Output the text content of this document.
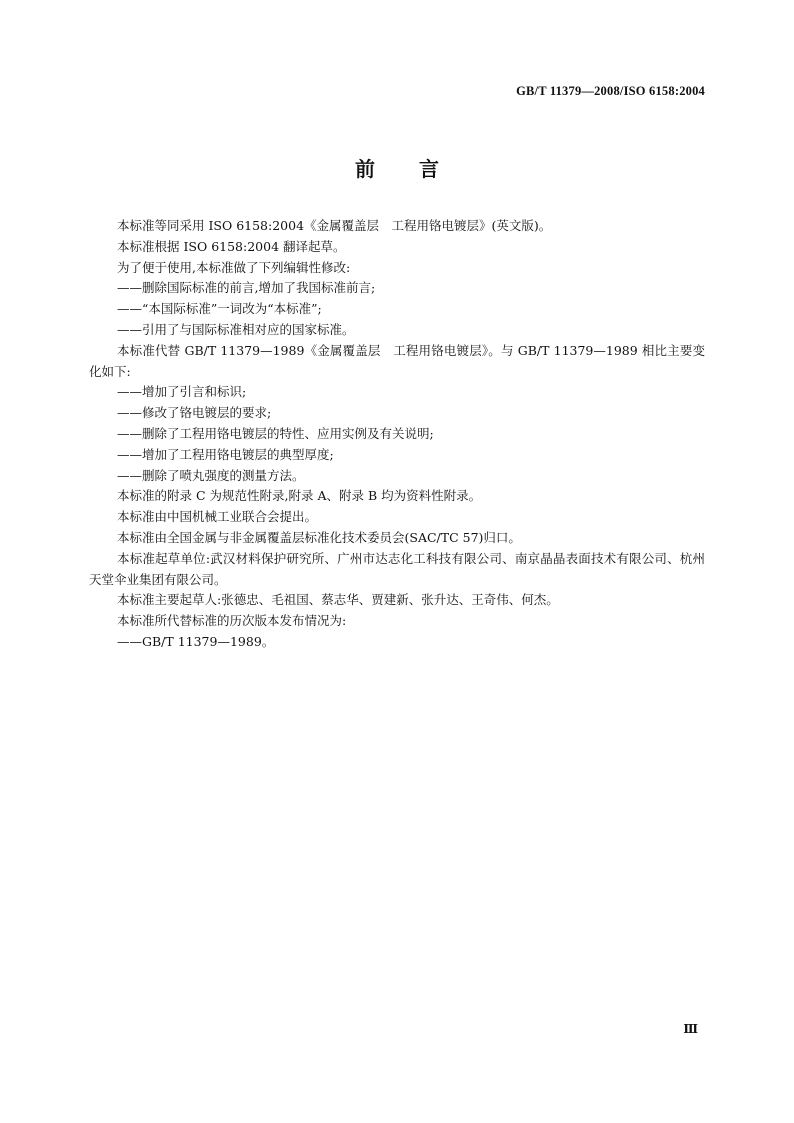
GB/T 11379—2008/ISO 6158:2004
前言

本标准等同采用 ISO 6158:2004《金属覆盖层　工程用铬电镀层》(英文版)。

本标准根据 ISO 6158:2004 翻译起草。

为了便于使用,本标准做了下列编辑性修改:

——删除国际标准的前言,增加了我国标准前言;

——“本国际标准”一词改为“本标准”;

——引用了与国际标准相对应的国家标准。

本标准代替 GB/T 11379—1989《金属覆盖层　工程用铬电镀层》。与 GB/T 11379—1989 相比主要变化如下:

——增加了引言和标识;

——修改了铬电镀层的要求;

——删除了工程用铬电镀层的特性、应用实例及有关说明;

——增加了工程用铬电镀层的典型厚度;

——删除了喷丸强度的测量方法。

本标准的附录 C 为规范性附录,附录 A、附录 B 均为资料性附录。

本标准由中国机械工业联合会提出。

本标准由全国金属与非金属覆盖层标准化技术委员会(SAC/TC 57)归口。

本标准起草单位:武汉材料保护研究所、广州市达志化工科技有限公司、南京晶晶表面技术有限公司、杭州天堂伞业集团有限公司。

本标准主要起草人:张德忠、毛祖国、蔡志华、贾建新、张升达、王奇伟、何杰。

本标准所代替标准的历次版本发布情况为:

——GB/T 11379—1989。

Ⅲ
